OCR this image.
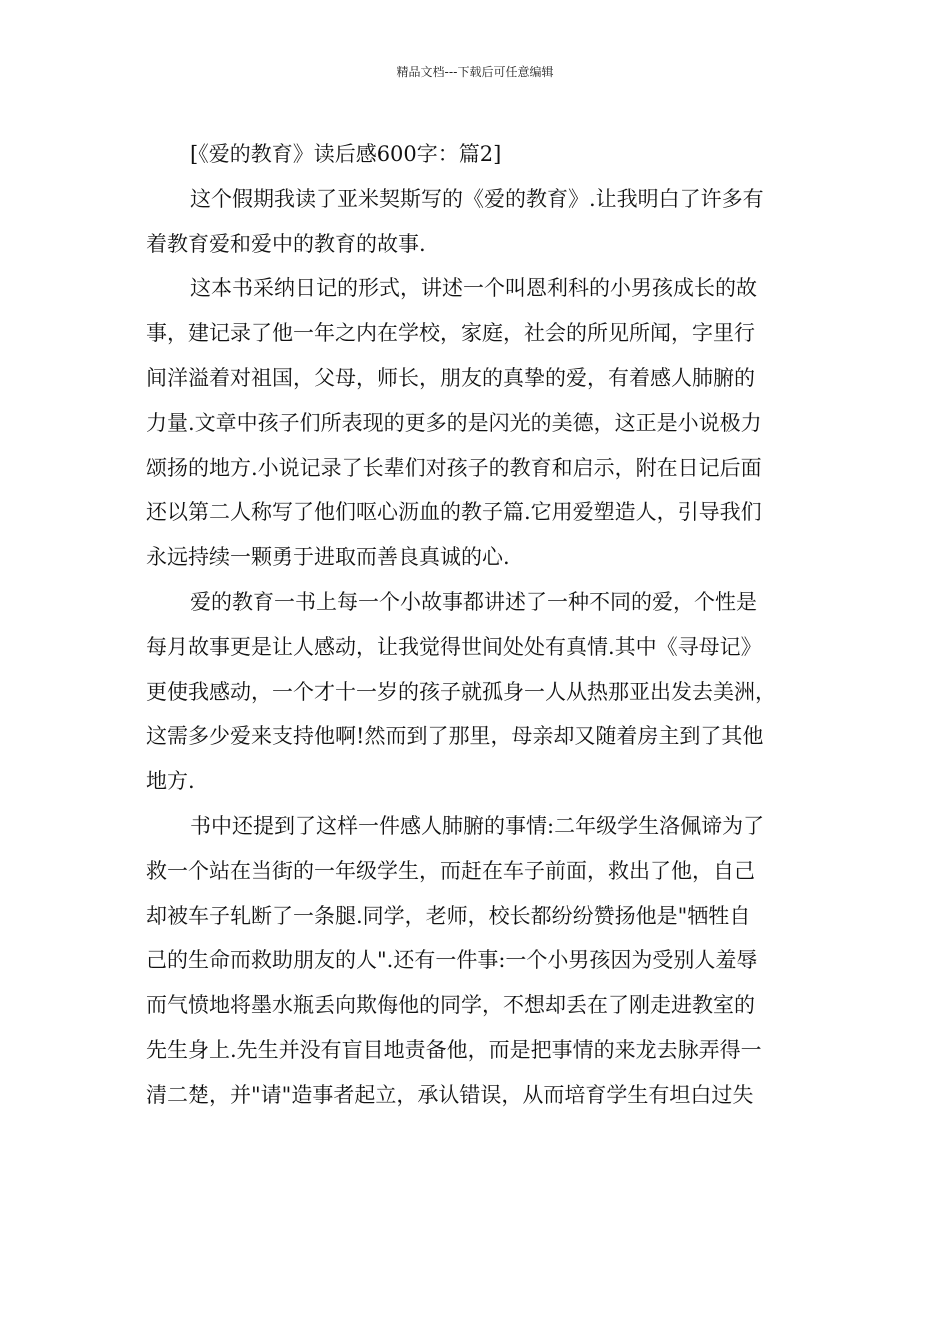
精品文档---下载后可任意编辑

[《爱的教育》读后感600字：篇2]

这个假期我读了亚米契斯写的《爱的教育》.让我明白了许多有
着教育爱和爱中的教育的故事.

这本书采纳日记的形式，讲述一个叫恩利科的小男孩成长的故
事，建记录了他一年之内在学校，家庭，社会的所见所闻，字里行
间洋溢着对祖国，父母，师长，朋友的真挚的爱，有着感人肺腑的
力量.文章中孩子们所表现的更多的是闪光的美德，这正是小说极力
颂扬的地方.小说记录了长辈们对孩子的教育和启示，附在日记后面
还以第二人称写了他们呕心沥血的教子篇.它用爱塑造人，引导我们
永远持续一颗勇于进取而善良真诚的心.

爱的教育一书上每一个小故事都讲述了一种不同的爱，个性是
每月故事更是让人感动，让我觉得世间处处有真情.其中《寻母记》
更使我感动，一个才十一岁的孩子就孤身一人从热那亚出发去美洲，
这需多少爱来支持他啊!然而到了那里，母亲却又随着房主到了其他
地方.

书中还提到了这样一件感人肺腑的事情:二年级学生洛佩谛为了
救一个站在当街的一年级学生，而赶在车子前面，救出了他，自己
却被车子轧断了一条腿.同学，老师，校长都纷纷赞扬他是"牺牲自
己的生命而救助朋友的人".还有一件事:一个小男孩因为受别人羞辱
而气愤地将墨水瓶丢向欺侮他的同学，不想却丢在了刚走进教室的
先生身上.先生并没有盲目地责备他，而是把事情的来龙去脉弄得一
清二楚，并"请"造事者起立，承认错误，从而培育学生有坦白过失
